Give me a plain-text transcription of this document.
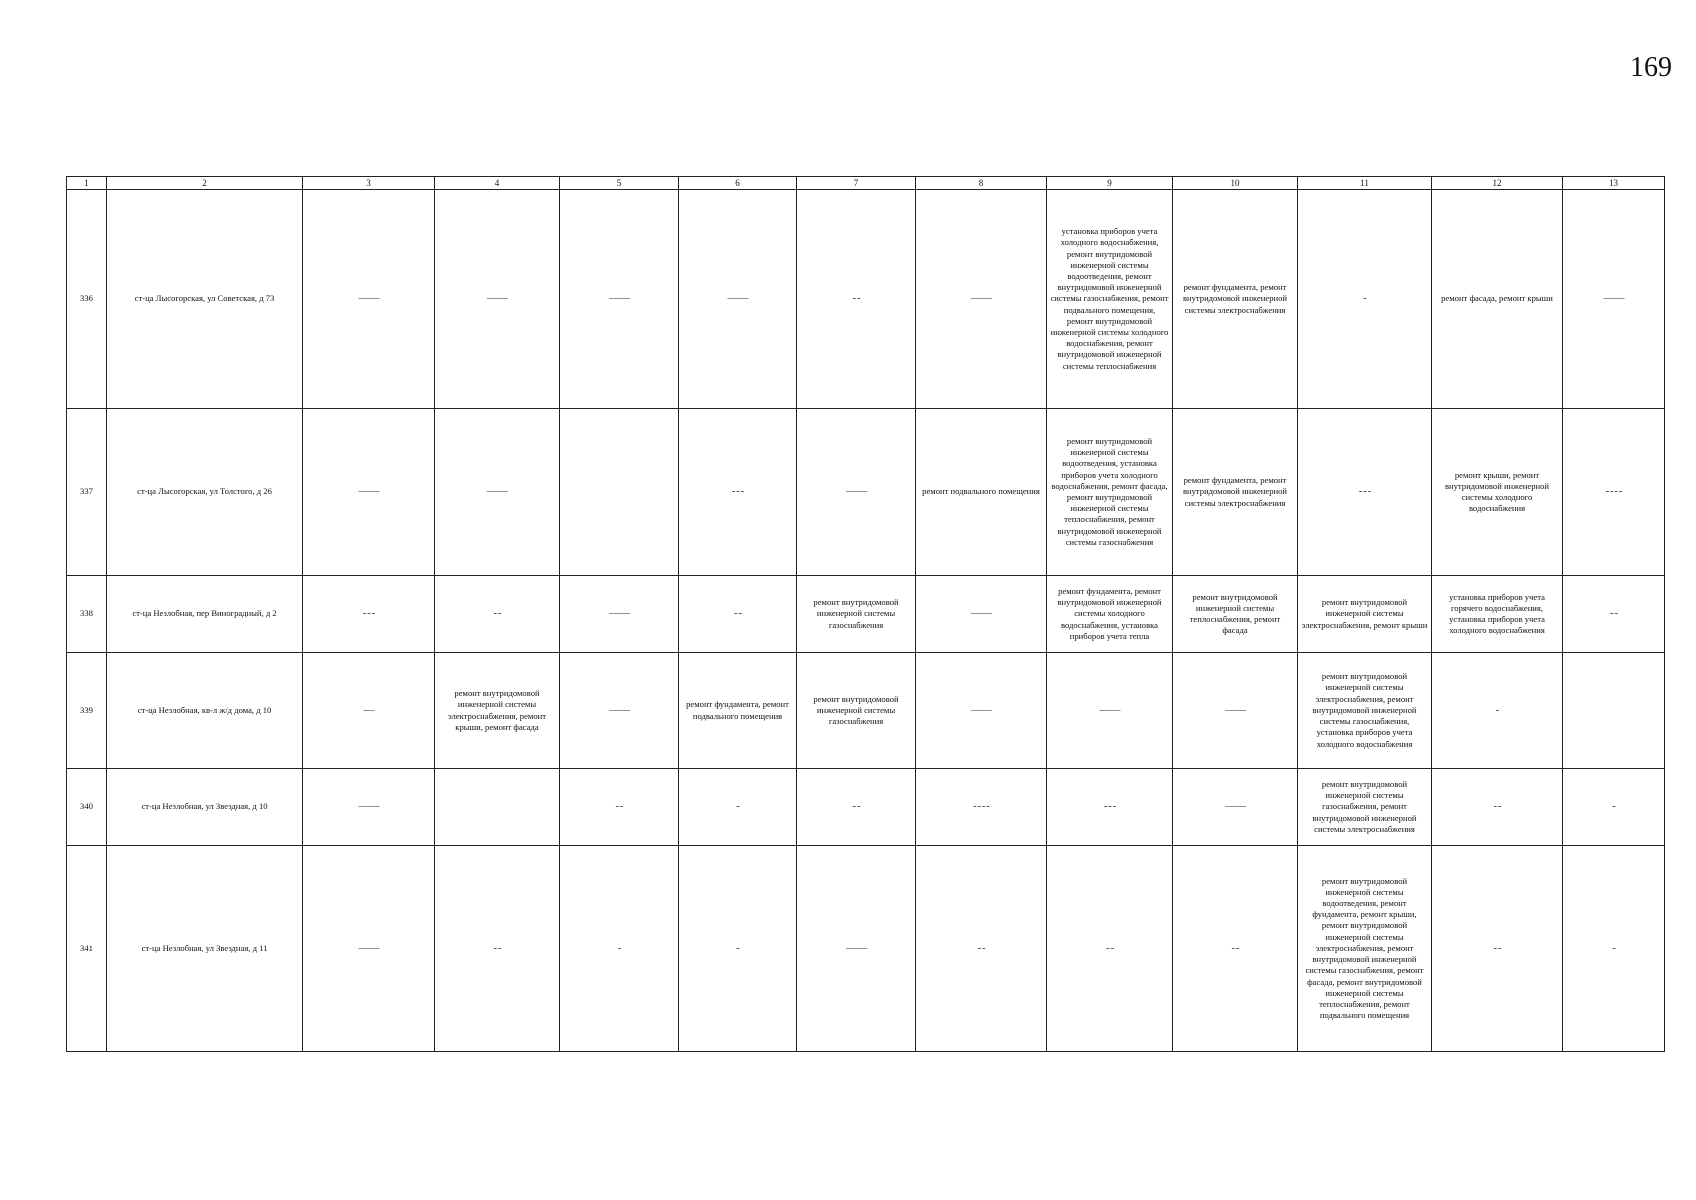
169
1	2	3	4	5	6	7	8	9	10	11	12	13
336	ст-ца Лысогорская, ул Советская, д 73	——	——	——	——	- -	——	установка приборов учета холодного водоснабжения, ремонт внутридомовой инженерной системы водоотведения, ремонт внутридомовой инженерной системы газоснабжения, ремонт подвального помещения, ремонт внутридомовой инженерной системы холодного водоснабжения, ремонт внутридомовой инженерной системы теплоснабжения	ремонт фундамента, ремонт внутридомовой инженерной системы электроснабжения	-	ремонт фасада, ремонт крыши	——
337	ст-ца Лысогорская, ул Толстого, д 26	——	——		- - -	——	ремонт подвального помещения	ремонт внутридомовой инженерной системы водоотведения, установка приборов учета холодного водоснабжения, ремонт фасада, ремонт внутридомовой инженерной системы теплоснабжения, ремонт внутридомовой инженерной системы газоснабжения	ремонт фундамента, ремонт внутридомовой инженерной системы электроснабжения	- - -	ремонт крыши, ремонт внутридомовой инженерной системы холодного водоснабжения	- - - -
338	ст-ца Незлобная, пер Виноградный, д 2	- - -	- -	——	- -	ремонт внутридомовой инженерной системы газоснабжения	——	ремонт фундамента, ремонт внутридомовой инженерной системы холодного водоснабжения, установка приборов учета тепла	ремонт внутридомовой инженерной системы теплоснабжения, ремонт фасада	ремонт внутридомовой инженерной системы электроснабжения, ремонт крыши	установка приборов учета горячего водоснабжения, установка приборов учета холодного водоснабжения	- -
339	ст-ца Незлобная, кв-л ж/д дома, д 10	—	ремонт внутридомовой инженерной системы электроснабжения, ремонт крыши, ремонт фасада	——	ремонт фундамента, ремонт подвального помещения	ремонт внутридомовой инженерной системы газоснабжения	——	——	——	ремонт внутридомовой инженерной системы электроснабжения, ремонт внутридомовой инженерной системы газоснабжения, установка приборов учета холодного водоснабжения	-	
340	ст-ца Незлобная, ул Звездная, д 10	——		- -	-	- -	- - - -	- - -	——	ремонт внутридомовой инженерной системы газоснабжения, ремонт внутридомовой инженерной системы электроснабжения	- -	-
341	ст-ца Незлобная, ул Звездная, д 11	——	- -	-	-	——	- -	- -	- -	ремонт внутридомовой инженерной системы водоотведения, ремонт фундамента, ремонт крыши, ремонт внутридомовой инженерной системы электроснабжения, ремонт внутридомовой инженерной системы газоснабжения, ремонт фасада, ремонт внутридомовой инженерной системы теплоснабжения, ремонт подвального помещения	- -	-
